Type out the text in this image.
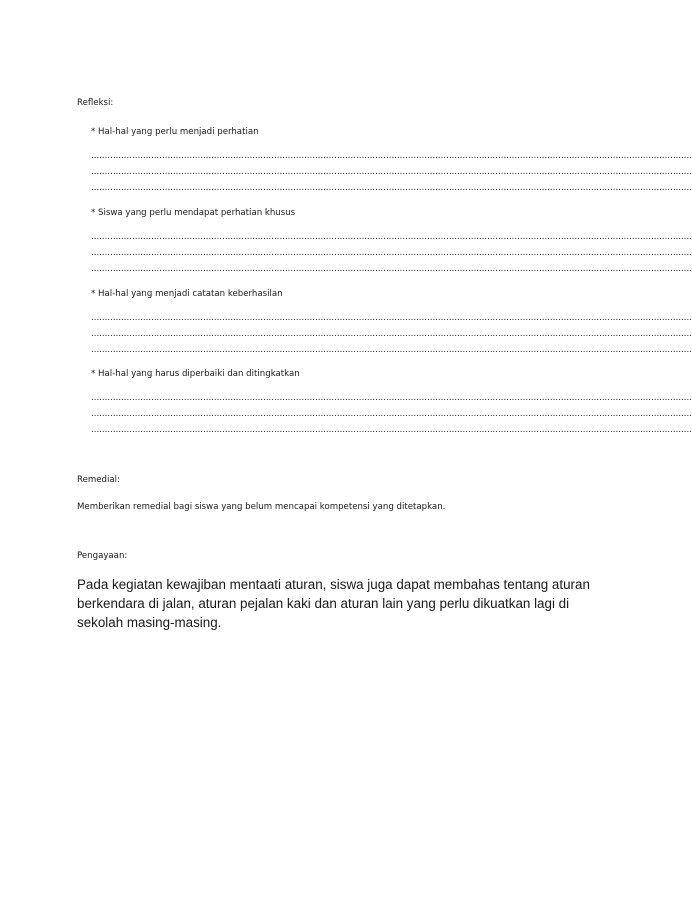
Refleksi:
* Hal-hal yang perlu menjadi perhatian
............................................................................................................................................................................................................................
............................................................................................................................................................................................................................
............................................................................................................................................................................................................................
* Siswa yang perlu mendapat perhatian khusus
............................................................................................................................................................................................................................
............................................................................................................................................................................................................................
............................................................................................................................................................................................................................
* Hal-hal yang menjadi catatan keberhasilan
............................................................................................................................................................................................................................
............................................................................................................................................................................................................................
............................................................................................................................................................................................................................
* Hal-hal yang harus diperbaiki dan ditingkatkan
............................................................................................................................................................................................................................
............................................................................................................................................................................................................................
............................................................................................................................................................................................................................
Remedial:
Memberikan remedial bagi siswa yang belum mencapai kompetensi yang ditetapkan.
Pengayaan:
Pada kegiatan kewajiban mentaati aturan, siswa juga dapat membahas tentang aturan berkendara di jalan, aturan pejalan kaki dan aturan lain yang perlu dikuatkan lagi di sekolah masing-masing.
